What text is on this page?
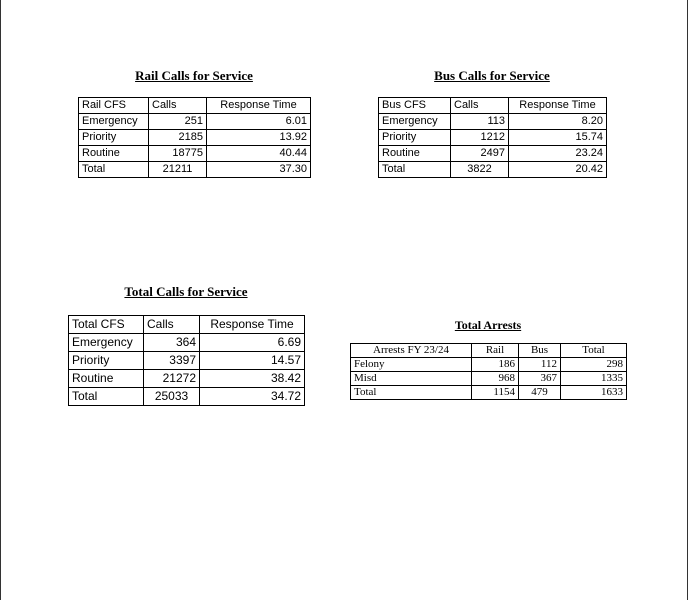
Rail Calls for Service
Rail CFS	Calls	Response Time
Emergency	251	6.01
Priority	2185	13.92
Routine	18775	40.44
Total	21211	37.30
Bus Calls for Service
Bus CFS	Calls	Response Time
Emergency	113	8.20
Priority	1212	15.74
Routine	2497	23.24
Total	3822	20.42
Total Calls for Service
Total CFS	Calls	Response Time
Emergency	364	6.69
Priority	3397	14.57
Routine	21272	38.42
Total	25033	34.72
Total Arrests
Arrests FY 23/24	Rail	Bus	Total
Felony	186	112	298
Misd	968	367	1335
Total	1154	479	1633
